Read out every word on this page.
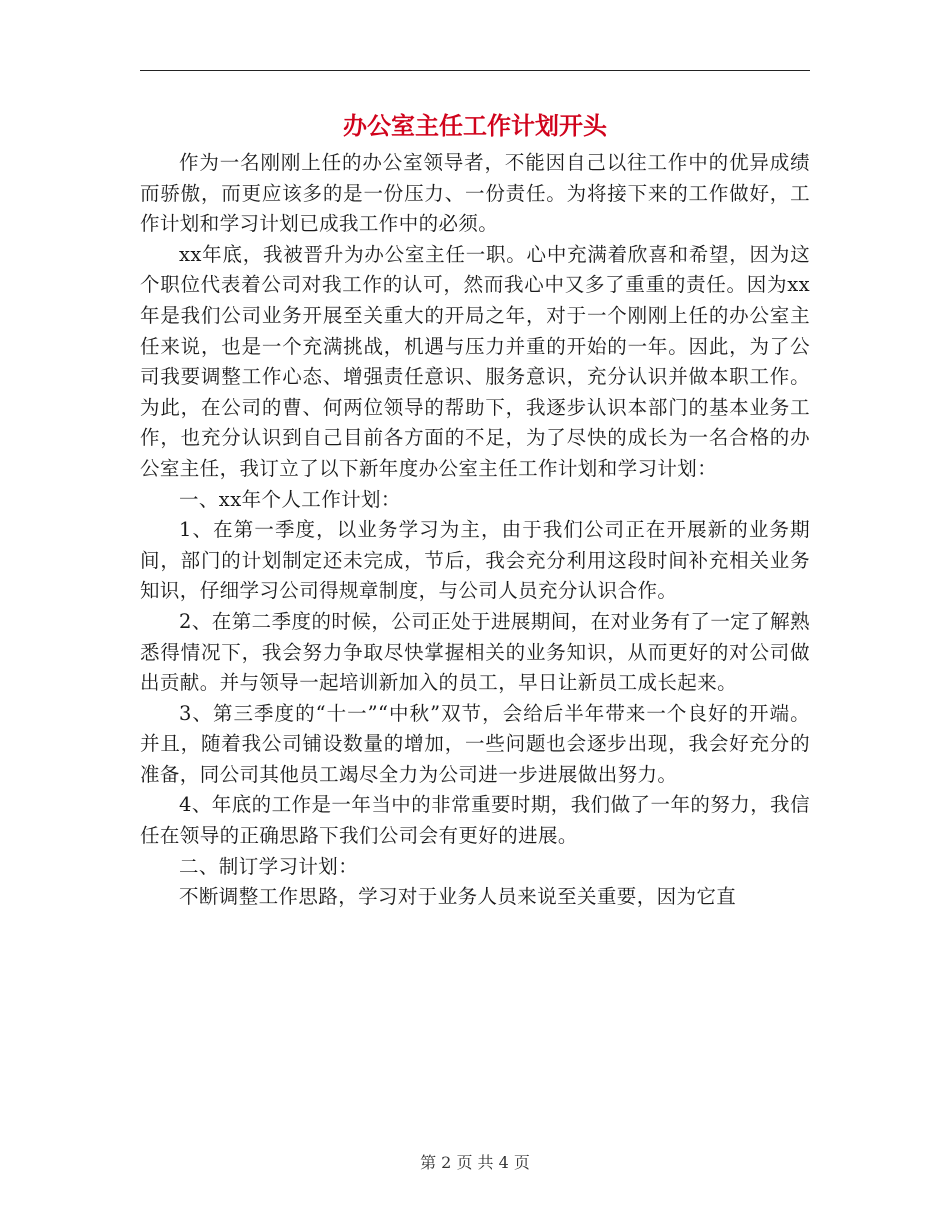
办公室主任工作计划开头

作为一名刚刚上任的办公室领导者，不能因自己以往工作中的优异成绩而骄傲，而更应该多的是一份压力、一份责任。为将接下来的工作做好，工作计划和学习计划已成我工作中的必须。

xx年底，我被晋升为办公室主任一职。心中充满着欣喜和希望，因为这个职位代表着公司对我工作的认可，然而我心中又多了重重的责任。因为xx年是我们公司业务开展至关重大的开局之年，对于一个刚刚上任的办公室主任来说，也是一个充满挑战，机遇与压力并重的开始的一年。因此，为了公司我要调整工作心态、增强责任意识、服务意识，充分认识并做本职工作。为此，在公司的曹、何两位领导的帮助下，我逐步认识本部门的基本业务工作，也充分认识到自己目前各方面的不足，为了尽快的成长为一名合格的办公室主任，我订立了以下新年度办公室主任工作计划和学习计划：

一、xx年个人工作计划：

1、在第一季度，以业务学习为主，由于我们公司正在开展新的业务期间，部门的计划制定还未完成，节后，我会充分利用这段时间补充相关业务知识，仔细学习公司得规章制度，与公司人员充分认识合作。

2、在第二季度的时候，公司正处于进展期间，在对业务有了一定了解熟悉得情况下，我会努力争取尽快掌握相关的业务知识，从而更好的对公司做出贡献。并与领导一起培训新加入的员工，早日让新员工成长起来。

3、第三季度的“十一”“中秋”双节，会给后半年带来一个良好的开端。并且，随着我公司铺设数量的增加，一些问题也会逐步出现，我会好充分的准备，同公司其他员工竭尽全力为公司进一步进展做出努力。

4、年底的工作是一年当中的非常重要时期，我们做了一年的努力，我信任在领导的正确思路下我们公司会有更好的进展。

二、制订学习计划：

不断调整工作思路，学习对于业务人员来说至关重要，因为它直

第 2 页 共 4 页
